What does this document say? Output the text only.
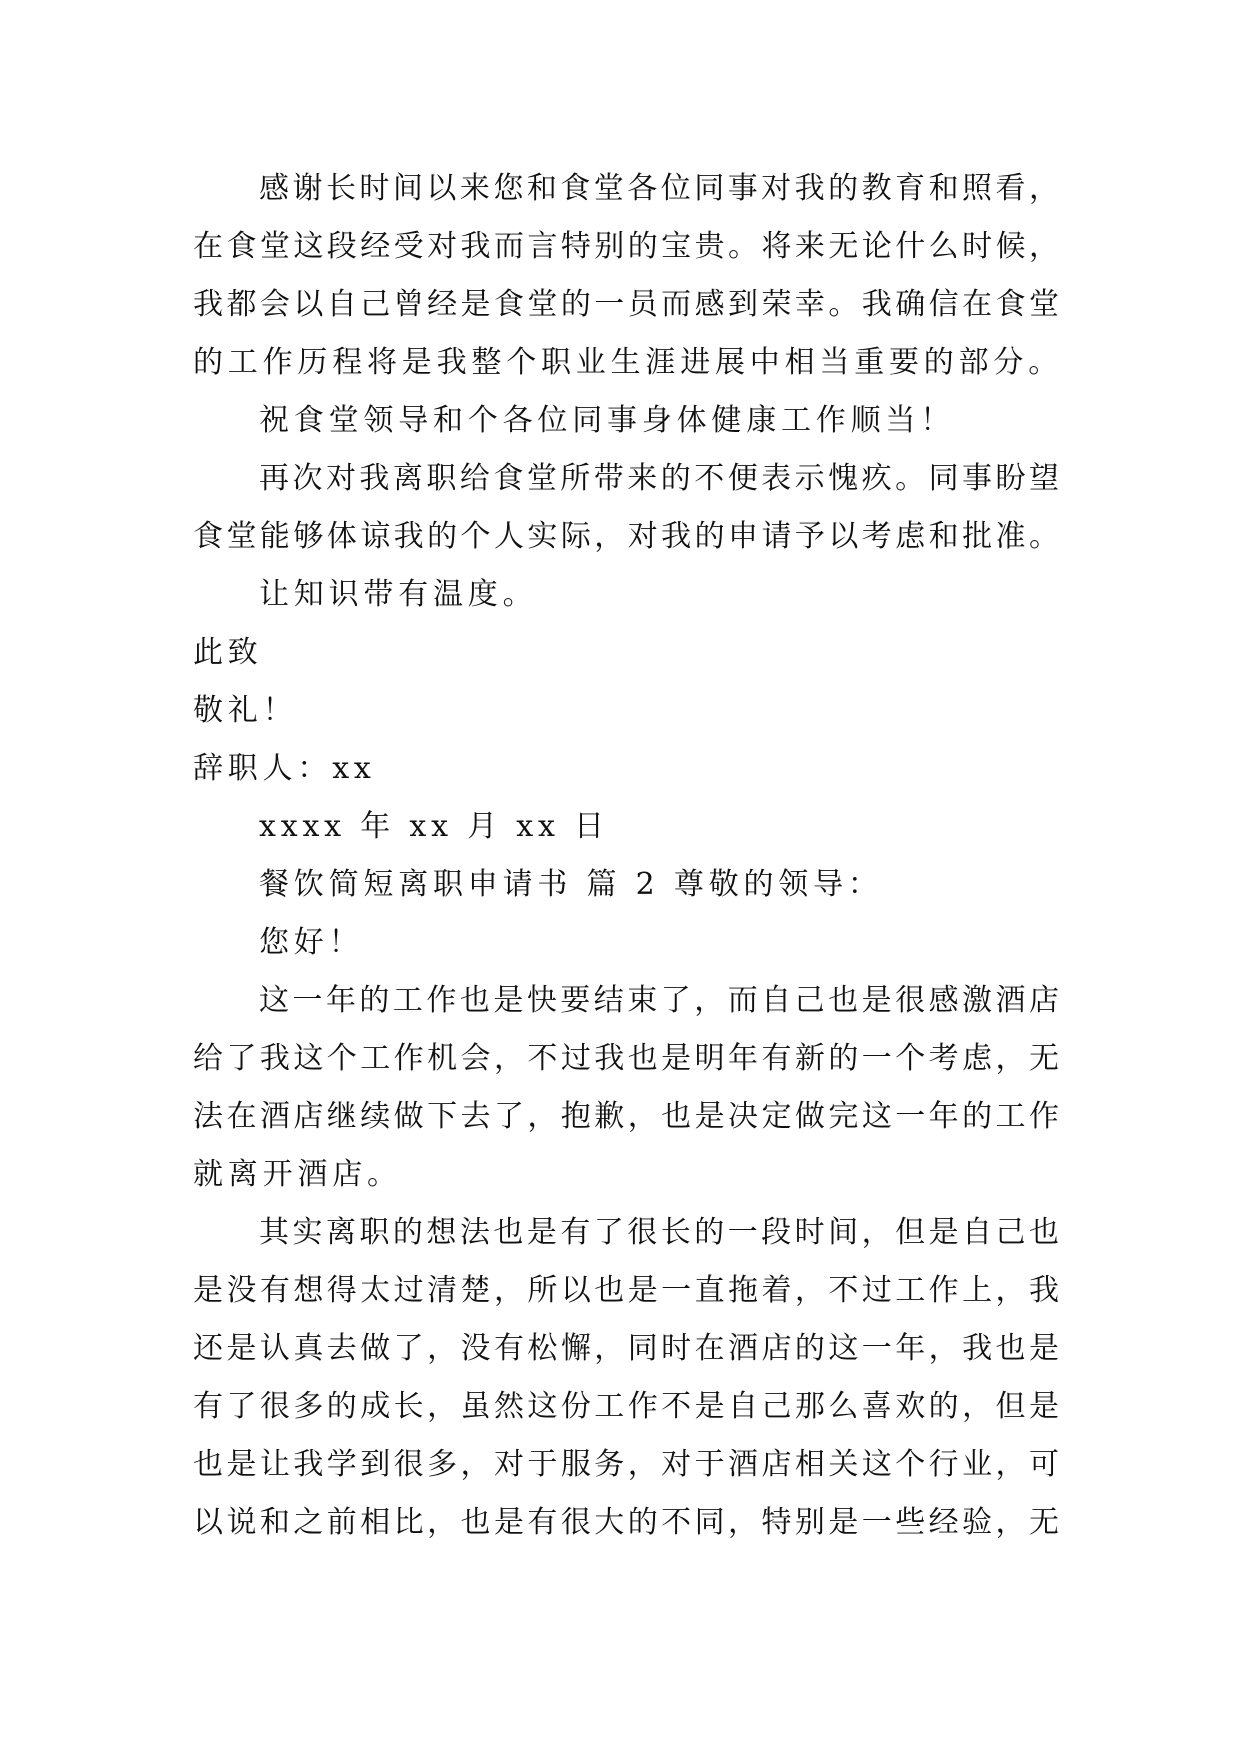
感谢长时间以来您和食堂各位同事对我的教育和照看，
在食堂这段经受对我而言特别的宝贵。将来无论什么时候，
我都会以自己曾经是食堂的一员而感到荣幸。我确信在食堂
的工作历程将是我整个职业生涯进展中相当重要的部分。
祝食堂领导和个各位同事身体健康工作顺当！
再次对我离职给食堂所带来的不便表示愧疚。同事盼望
食堂能够体谅我的个人实际，对我的申请予以考虑和批准。
让知识带有温度。
此致
敬礼！
辞职人：xx
xxxx 年 xx 月 xx 日
餐饮简短离职申请书 篇 2 尊敬的领导：
您好！
这一年的工作也是快要结束了，而自己也是很感激酒店
给了我这个工作机会，不过我也是明年有新的一个考虑，无
法在酒店继续做下去了，抱歉，也是决定做完这一年的工作
就离开酒店。
其实离职的想法也是有了很长的一段时间，但是自己也
是没有想得太过清楚，所以也是一直拖着，不过工作上，我
还是认真去做了，没有松懈，同时在酒店的这一年，我也是
有了很多的成长，虽然这份工作不是自己那么喜欢的，但是
也是让我学到很多，对于服务，对于酒店相关这个行业，可
以说和之前相比，也是有很大的不同，特别是一些经验，无
